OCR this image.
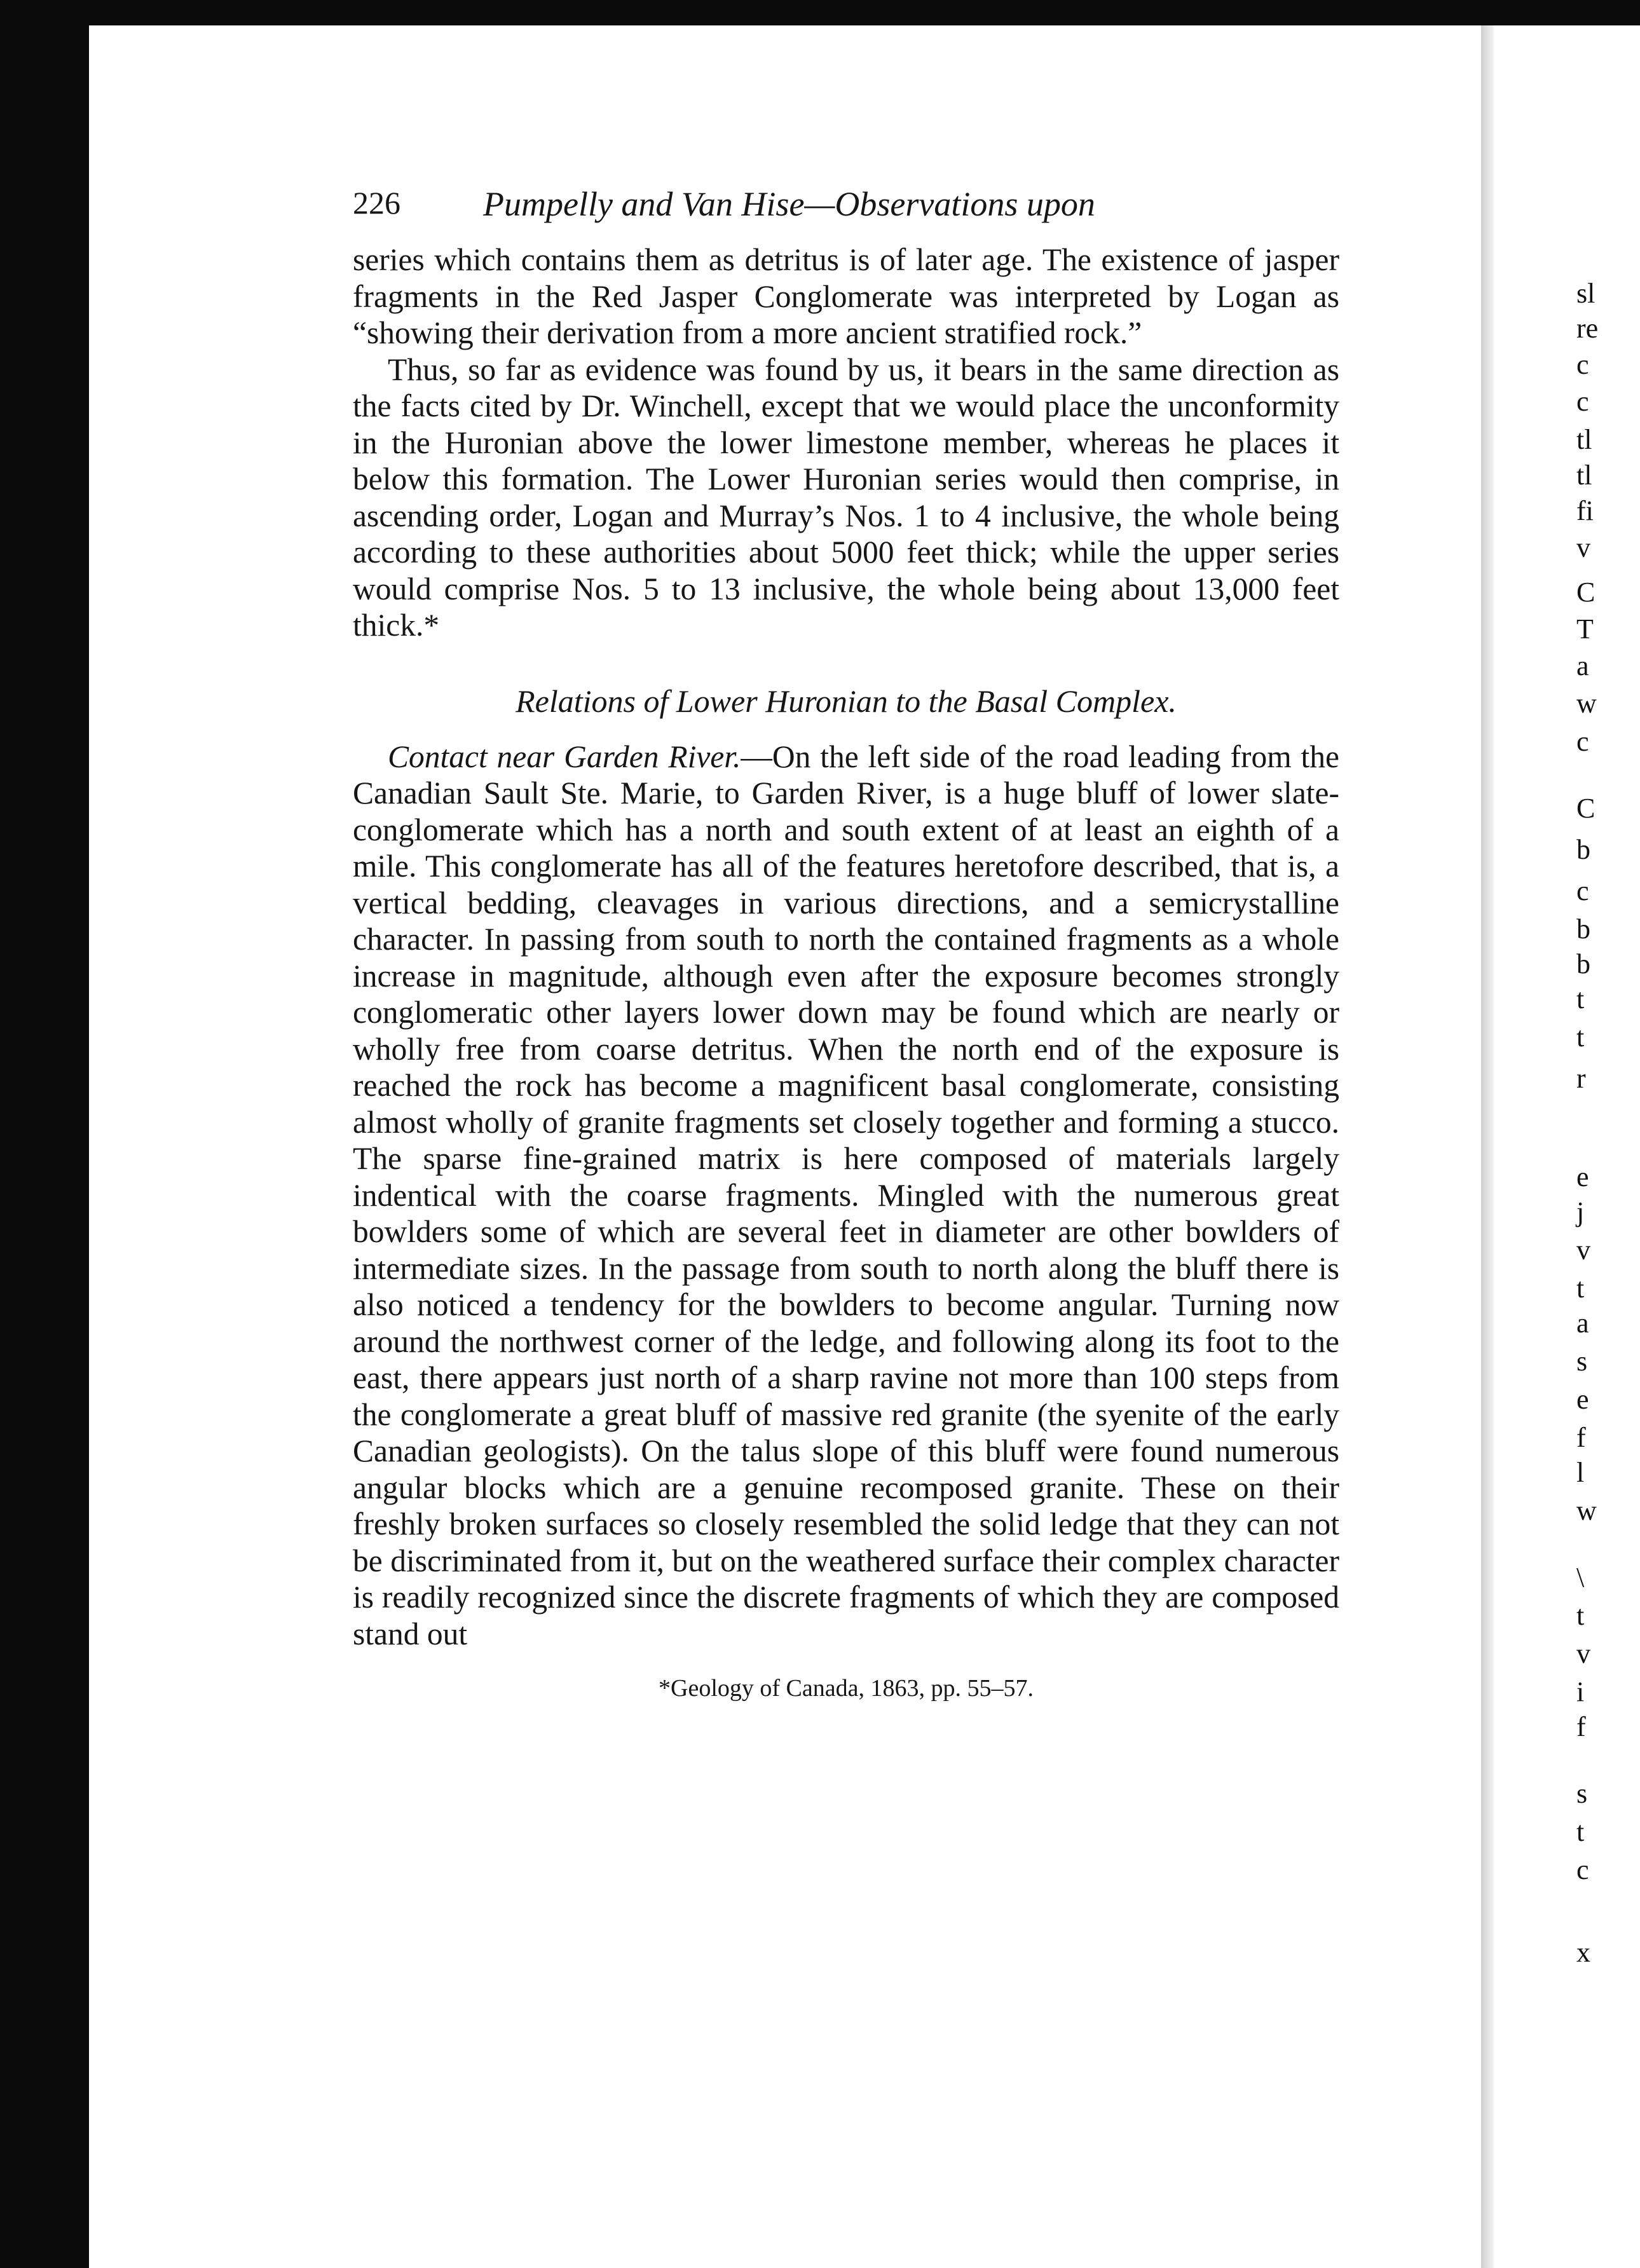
sl
re
c
c
tl
tl
fi
v
C
T
a
w
c
C
b
c
b
b
t
t
r
e
j
v
t
a
s
e
f
l
w
\
t
v
i
f
s
t
c
x
226 Pumpelly and Van Hise—Observations upon

series which contains them as detritus is of later age. The existence of jasper fragments in the Red Jasper Conglomerate was interpreted by Logan as “showing their derivation from a more ancient stratified rock.”

Thus, so far as evidence was found by us, it bears in the same direction as the facts cited by Dr. Winchell, except that we would place the unconformity in the Huronian above the lower limestone member, whereas he places it below this formation. The Lower Huronian series would then comprise, in ascending order, Logan and Murray’s Nos. 1 to 4 inclusive, the whole being according to these authorities about 5000 feet thick; while the upper series would comprise Nos. 5 to 13 inclusive, the whole being about 13,000 feet thick.*

Relations of Lower Huronian to the Basal Complex.

Contact near Garden River.—On the left side of the road leading from the Canadian Sault Ste. Marie, to Garden River, is a huge bluff of lower slate-conglomerate which has a north and south extent of at least an eighth of a mile. This conglomerate has all of the features heretofore described, that is, a vertical bedding, cleavages in various directions, and a semicrystalline character. In passing from south to north the contained fragments as a whole increase in magnitude, although even after the exposure becomes strongly conglomeratic other layers lower down may be found which are nearly or wholly free from coarse detritus. When the north end of the exposure is reached the rock has become a magnificent basal conglomerate, consisting almost wholly of granite fragments set closely together and forming a stucco. The sparse fine-grained matrix is here composed of materials largely indentical with the coarse fragments. Mingled with the numerous great bowlders some of which are several feet in diameter are other bowlders of intermediate sizes. In the passage from south to north along the bluff there is also noticed a tendency for the bowlders to become angular. Turning now around the northwest corner of the ledge, and following along its foot to the east, there appears just north of a sharp ravine not more than 100 steps from the conglomerate a great bluff of massive red granite (the syenite of the early Canadian geologists). On the talus slope of this bluff were found numerous angular blocks which are a genuine recomposed granite. These on their freshly broken surfaces so closely resembled the solid ledge that they can not be discriminated from it, but on the weathered surface their complex character is readily recognized since the discrete fragments of which they are composed stand out

*Geology of Canada, 1863, pp. 55–57.
